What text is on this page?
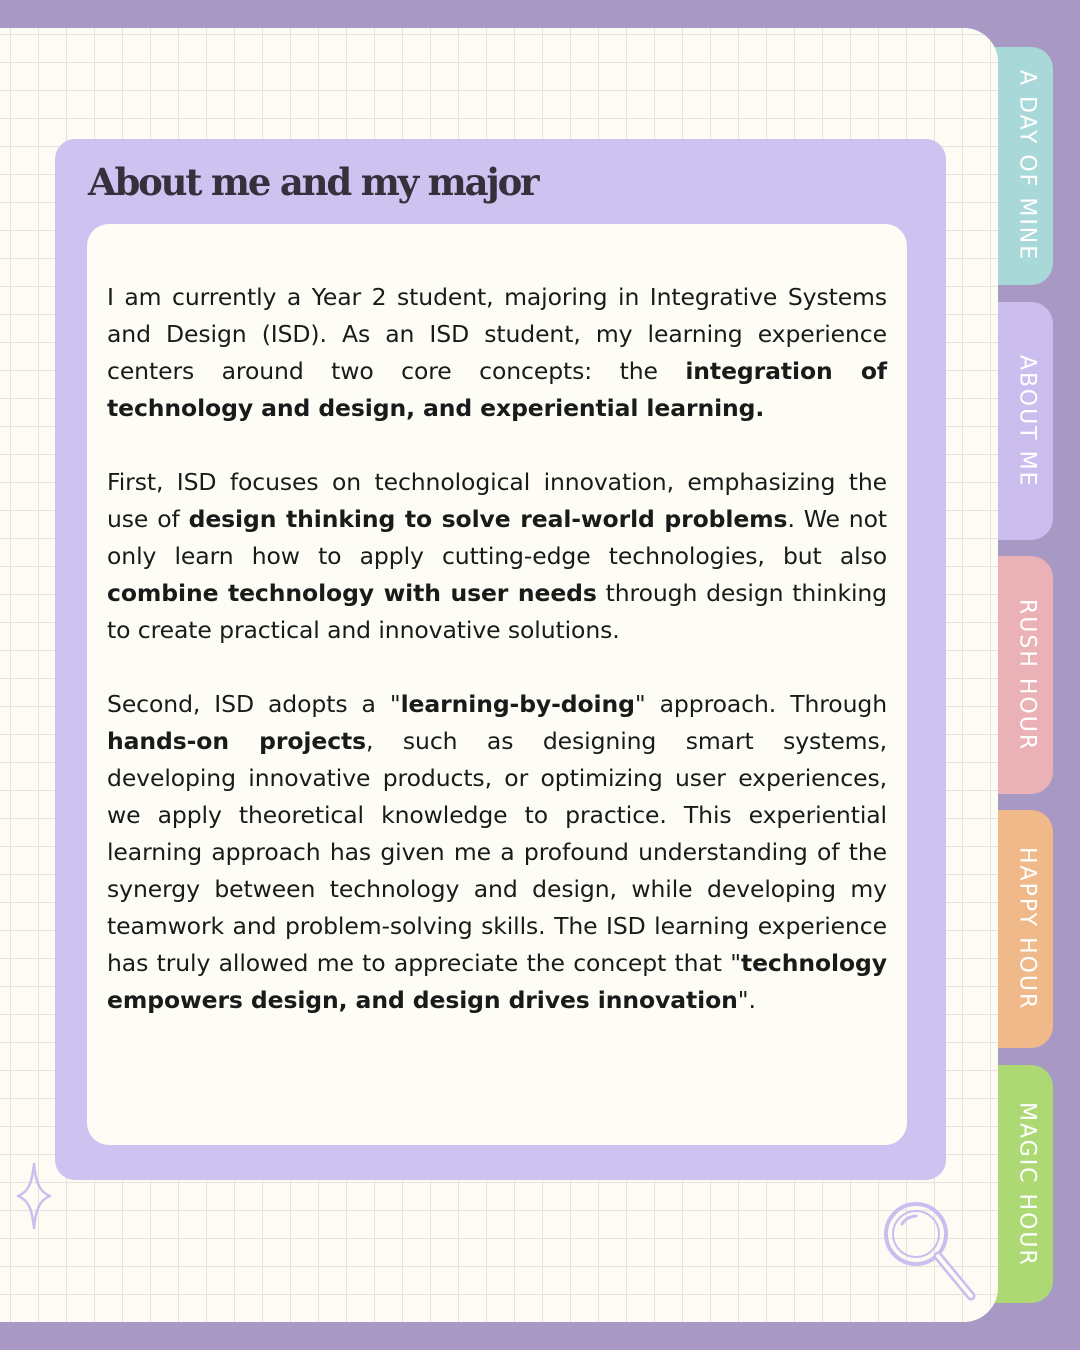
A DAY OF MINE
ABOUT ME
RUSH HOUR
HAPPY HOUR
MAGIC HOUR
About me and my major

I am currently a Year 2 student, majoring in Integrative Systems and Design (ISD). As an ISD student, my learning experience centers around two core concepts: the integration of technology and design, and experiential learning.

First, ISD focuses on technological innovation, emphasizing the use of design thinking to solve real-world problems. We not only learn how to apply cutting-edge technologies, but also combine technology with user needs through design thinking to create practical and innovative solutions.

Second, ISD adopts a "learning-by-doing" approach. Through hands-on projects, such as designing smart systems, developing innovative products, or optimizing user experiences, we apply theoretical knowledge to practice. This experiential learning approach has given me a profound understanding of the synergy between technology and design, while developing my teamwork and problem-solving skills. The ISD learning experience has truly allowed me to appreciate the concept that "technology empowers design, and design drives innovation".
